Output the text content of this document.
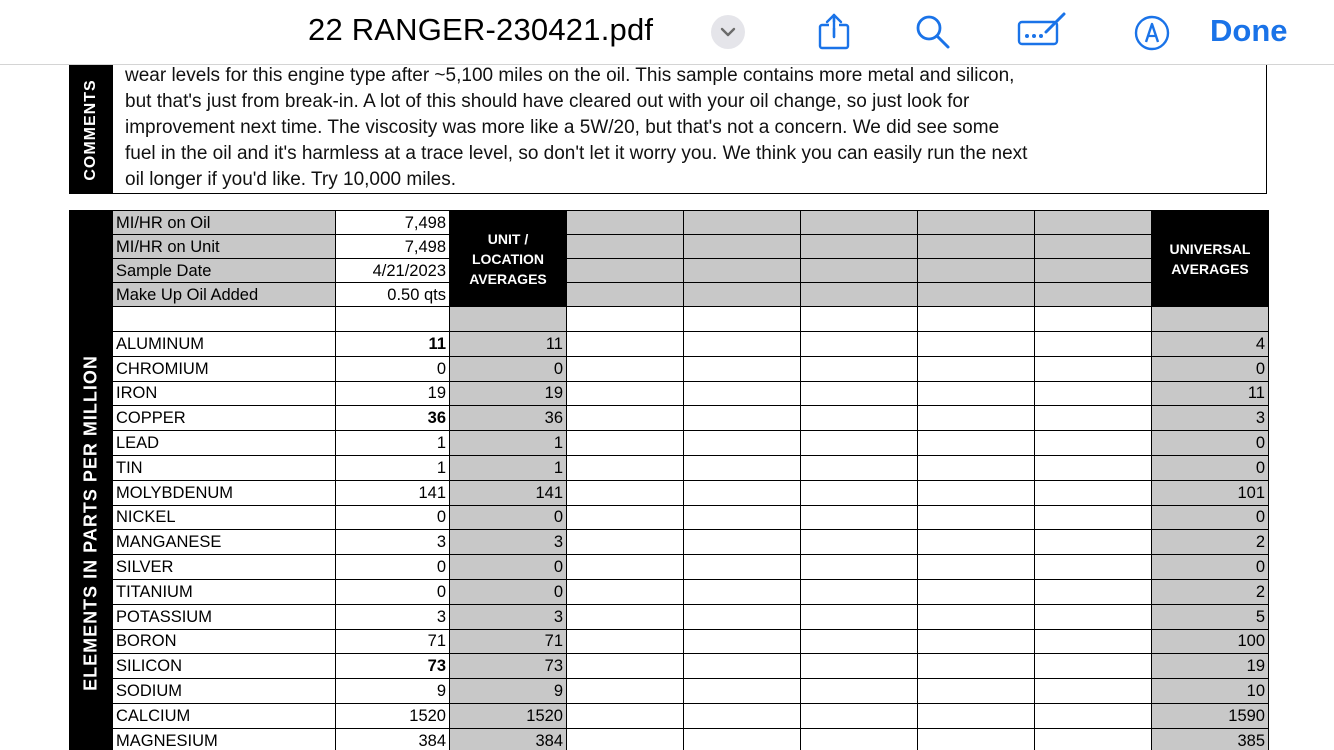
22 RANGER-230421.pdf	Done
COMMENTS
wear levels for this engine type after ~5,100 miles on the oil. This sample contains more metal and silicon,
but that's just from break-in. A lot of this should have cleared out with your oil change, so just look for
improvement next time. The viscosity was more like a 5W/20, but that's not a concern. We did see some
fuel in the oil and it's harmless at a trace level, so don't let it worry you. We think you can easily run the next
oil longer if you'd like. Try 10,000 miles.
ELEMENTS IN PARTS PER MILLION
MI/HR on Oil	7,498	UNIT / LOCATION AVERAGES						UNIVERSAL AVERAGES

MI/HR on Unit	7,498							
Sample Date	4/21/2023							
Make Up Oil Added	0.50 qts							

ALUMINUM	11	11						4
CHROMIUM	0	0						0
IRON	19	19						11
COPPER	36	36						3
LEAD	1	1						0
TIN	1	1						0
MOLYBDENUM	141	141						101
NICKEL	0	0						0
MANGANESE	3	3						2
SILVER	0	0						0
TITANIUM	0	0						2
POTASSIUM	3	3						5
BORON	71	71						100
SILICON	73	73						19
SODIUM	9	9						10
CALCIUM	1520	1520						1590
MAGNESIUM	384	384						385
